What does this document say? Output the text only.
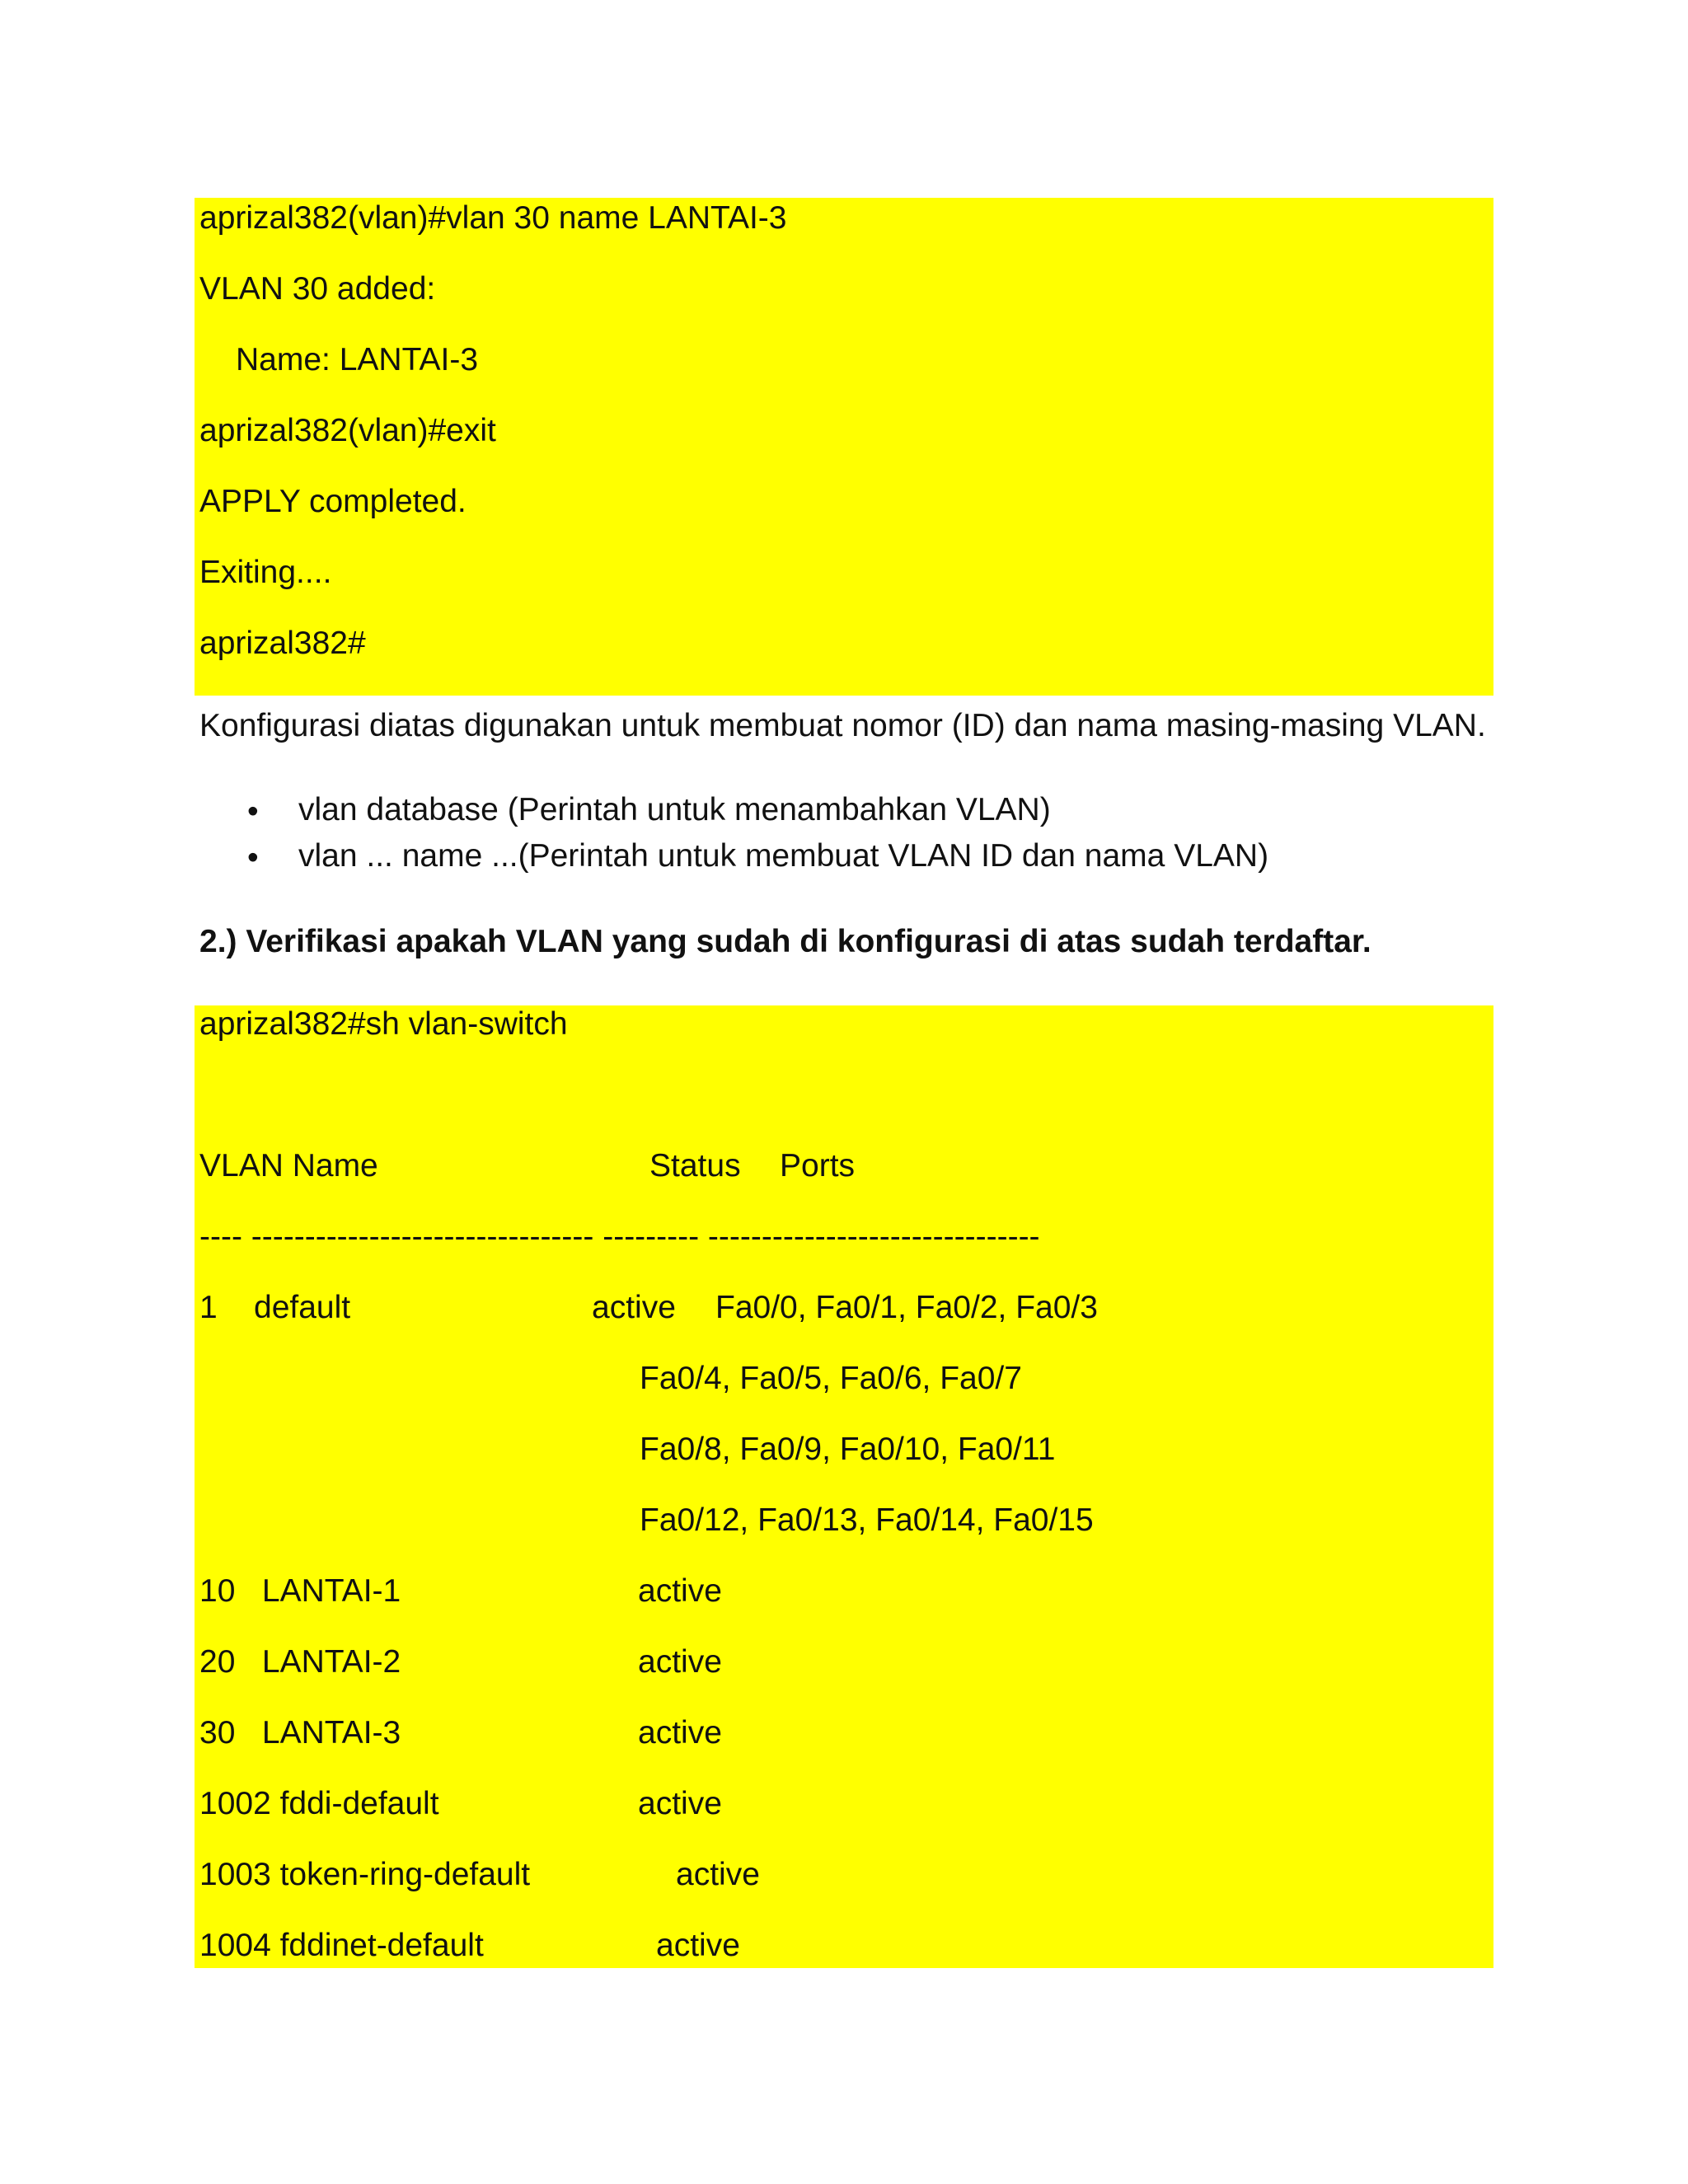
aprizal382(vlan)#vlan 30 name LANTAI-3

VLAN 30 added:

Name: LANTAI-3

aprizal382(vlan)#exit

APPLY completed.

Exiting....

aprizal382#

Konfigurasi diatas digunakan untuk membuat nomor (ID) dan nama masing-masing VLAN.

• vlan database (Perintah untuk menambahkan VLAN)

• vlan ... name ...(Perintah untuk membuat VLAN ID dan nama VLAN)

2.) Verifikasi apakah VLAN yang sudah di konfigurasi di atas sudah terdaftar.

aprizal382#sh vlan-switch

VLAN Name	Status Ports

---- -------------------------------- --------- -------------------------------

1 default	active Fa0/0, Fa0/1, Fa0/2, Fa0/3

Fa0/4, Fa0/5, Fa0/6, Fa0/7

Fa0/8, Fa0/9, Fa0/10, Fa0/11

Fa0/12, Fa0/13, Fa0/14, Fa0/15

10   LANTAI-1	active

20   LANTAI-2	active

30   LANTAI-3	active

1002 fddi-default	active

1003 token-ring-default	active

1004 fddinet-default	active
